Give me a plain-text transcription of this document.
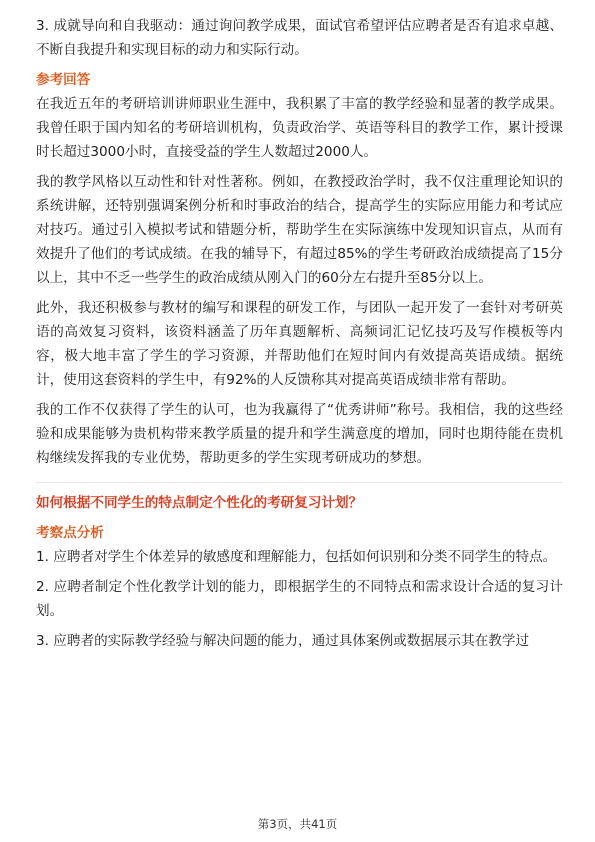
3. 成就导向和自我驱动：通过询问教学成果，面试官希望评估应聘者是否有追求卓越、不断自我提升和实现目标的动力和实际行动。

参考回答

在我近五年的考研培训讲师职业生涯中，我积累了丰富的教学经验和显著的教学成果。我曾任职于国内知名的考研培训机构，负责政治学、英语等科目的教学工作，累计授课时长超过3000小时，直接受益的学生人数超过2000人。

我的教学风格以互动性和针对性著称。例如，在教授政治学时，我不仅注重理论知识的系统讲解，还特别强调案例分析和时事政治的结合，提高学生的实际应用能力和考试应对技巧。通过引入模拟考试和错题分析，帮助学生在实际演练中发现知识盲点，从而有效提升了他们的考试成绩。在我的辅导下，有超过85%的学生考研政治成绩提高了15分以上，其中不乏一些学生的政治成绩从刚入门的60分左右提升至85分以上。

此外，我还积极参与教材的编写和课程的研发工作，与团队一起开发了一套针对考研英语的高效复习资料，该资料涵盖了历年真题解析、高频词汇记忆技巧及写作模板等内容，极大地丰富了学生的学习资源，并帮助他们在短时间内有效提高英语成绩。据统计，使用这套资料的学生中，有92%的人反馈称其对提高英语成绩非常有帮助。

我的工作不仅获得了学生的认可，也为我赢得了“优秀讲师”称号。我相信，我的这些经验和成果能够为贵机构带来教学质量的提升和学生满意度的增加，同时也期待能在贵机构继续发挥我的专业优势，帮助更多的学生实现考研成功的梦想。

如何根据不同学生的特点制定个性化的考研复习计划？
考察点分析

1. 应聘者对学生个体差异的敏感度和理解能力，包括如何识别和分类不同学生的特点。

2. 应聘者制定个性化教学计划的能力，即根据学生的不同特点和需求设计合适的复习计划。

3. 应聘者的实际教学经验与解决问题的能力，通过具体案例或数据展示其在教学过

第3页，共41页
